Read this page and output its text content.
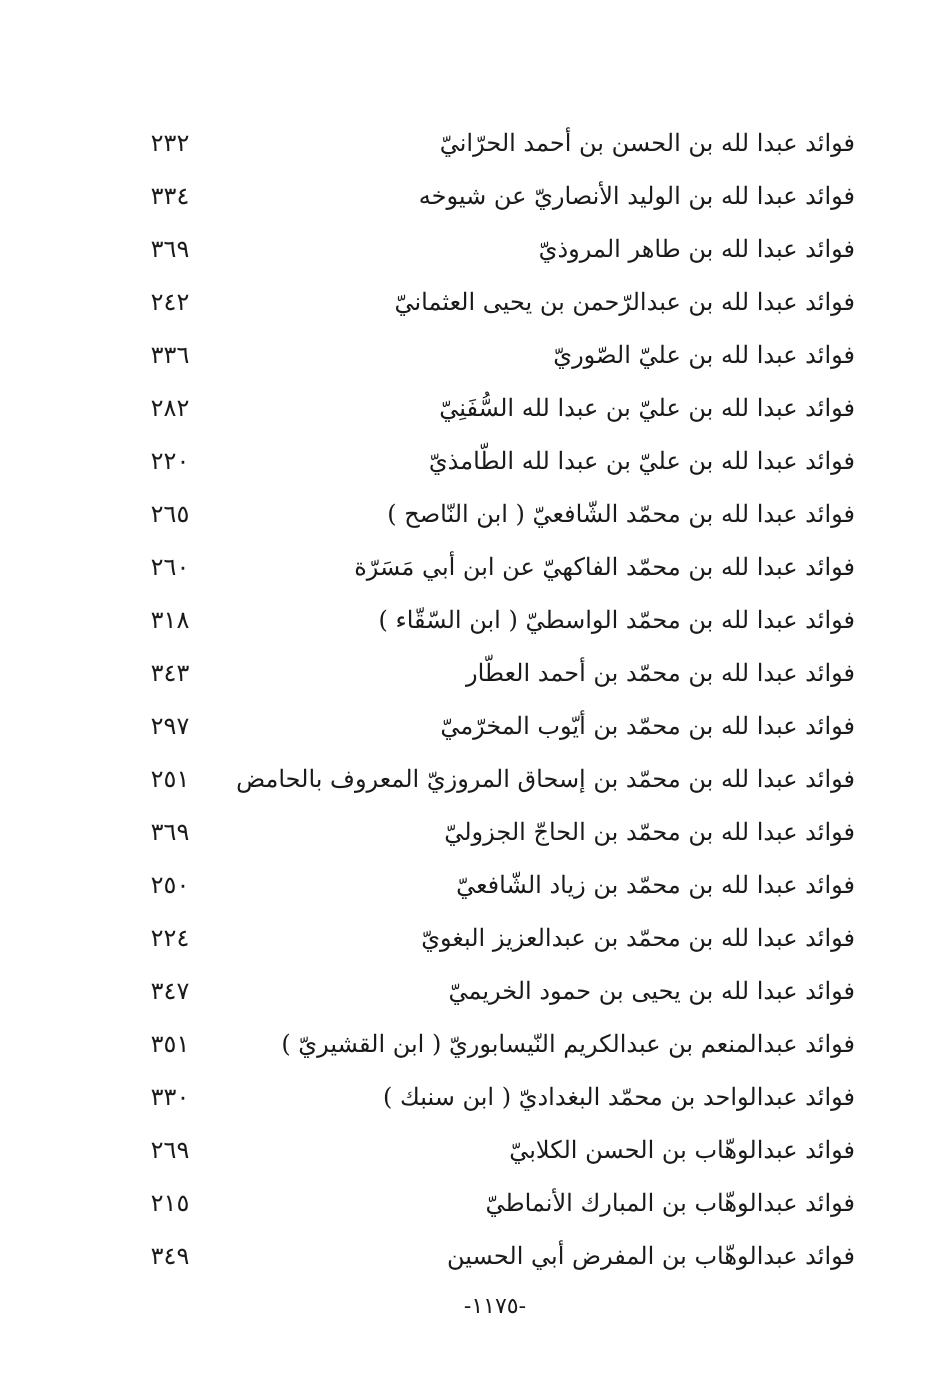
فوائد عبدا لله بن الحسن بن أحمد الحرّانيّ
٢٣٢
فوائد عبدا لله بن الوليد الأنصاريّ عن شيوخه
٣٣٤
فوائد عبدا لله بن طاهر المروذيّ
٣٦٩
فوائد عبدا لله بن عبدالرّحمن بن يحيى العثمانيّ
٢٤٢
فوائد عبدا لله بن عليّ الصّوريّ
٣٣٦
فوائد عبدا لله بن عليّ بن عبدا لله السُّفَنِيّ
٢٨٢
فوائد عبدا لله بن عليّ بن عبدا لله الطّامذيّ
٢٢٠
فوائد عبدا لله بن محمّد الشّافعيّ ( ابن النّاصح )
٢٦٥
فوائد عبدا لله بن محمّد الفاكهيّ عن ابن أبي مَسَرّة
٢٦٠
فوائد عبدا لله بن محمّد الواسطيّ ( ابن السّقّاء )
٣١٨
فوائد عبدا لله بن محمّد بن أحمد العطّار
٣٤٣
فوائد عبدا لله بن محمّد بن أيّوب المخرّميّ
٢٩٧
فوائد عبدا لله بن محمّد بن إسحاق المروزيّ المعروف بالحامض
٢٥١
فوائد عبدا لله بن محمّد بن الحاجّ الجزوليّ
٣٦٩
فوائد عبدا لله بن محمّد بن زياد الشّافعيّ
٢٥٠
فوائد عبدا لله بن محمّد بن عبدالعزيز البغويّ
٢٢٤
فوائد عبدا لله بن يحيى بن حمود الخريميّ
٣٤٧
فوائد عبدالمنعم بن عبدالكريم النّيسابوريّ ( ابن القشيريّ )
٣٥١
فوائد عبدالواحد بن محمّد البغداديّ ( ابن سنبك )
٣٣٠
فوائد عبدالوهّاب بن الحسن الكلابيّ
٢٦٩
فوائد عبدالوهّاب بن المبارك الأنماطيّ
٢١٥
فوائد عبدالوهّاب بن المفرض أبي الحسين
٣٤٩
-١١٧٥-
